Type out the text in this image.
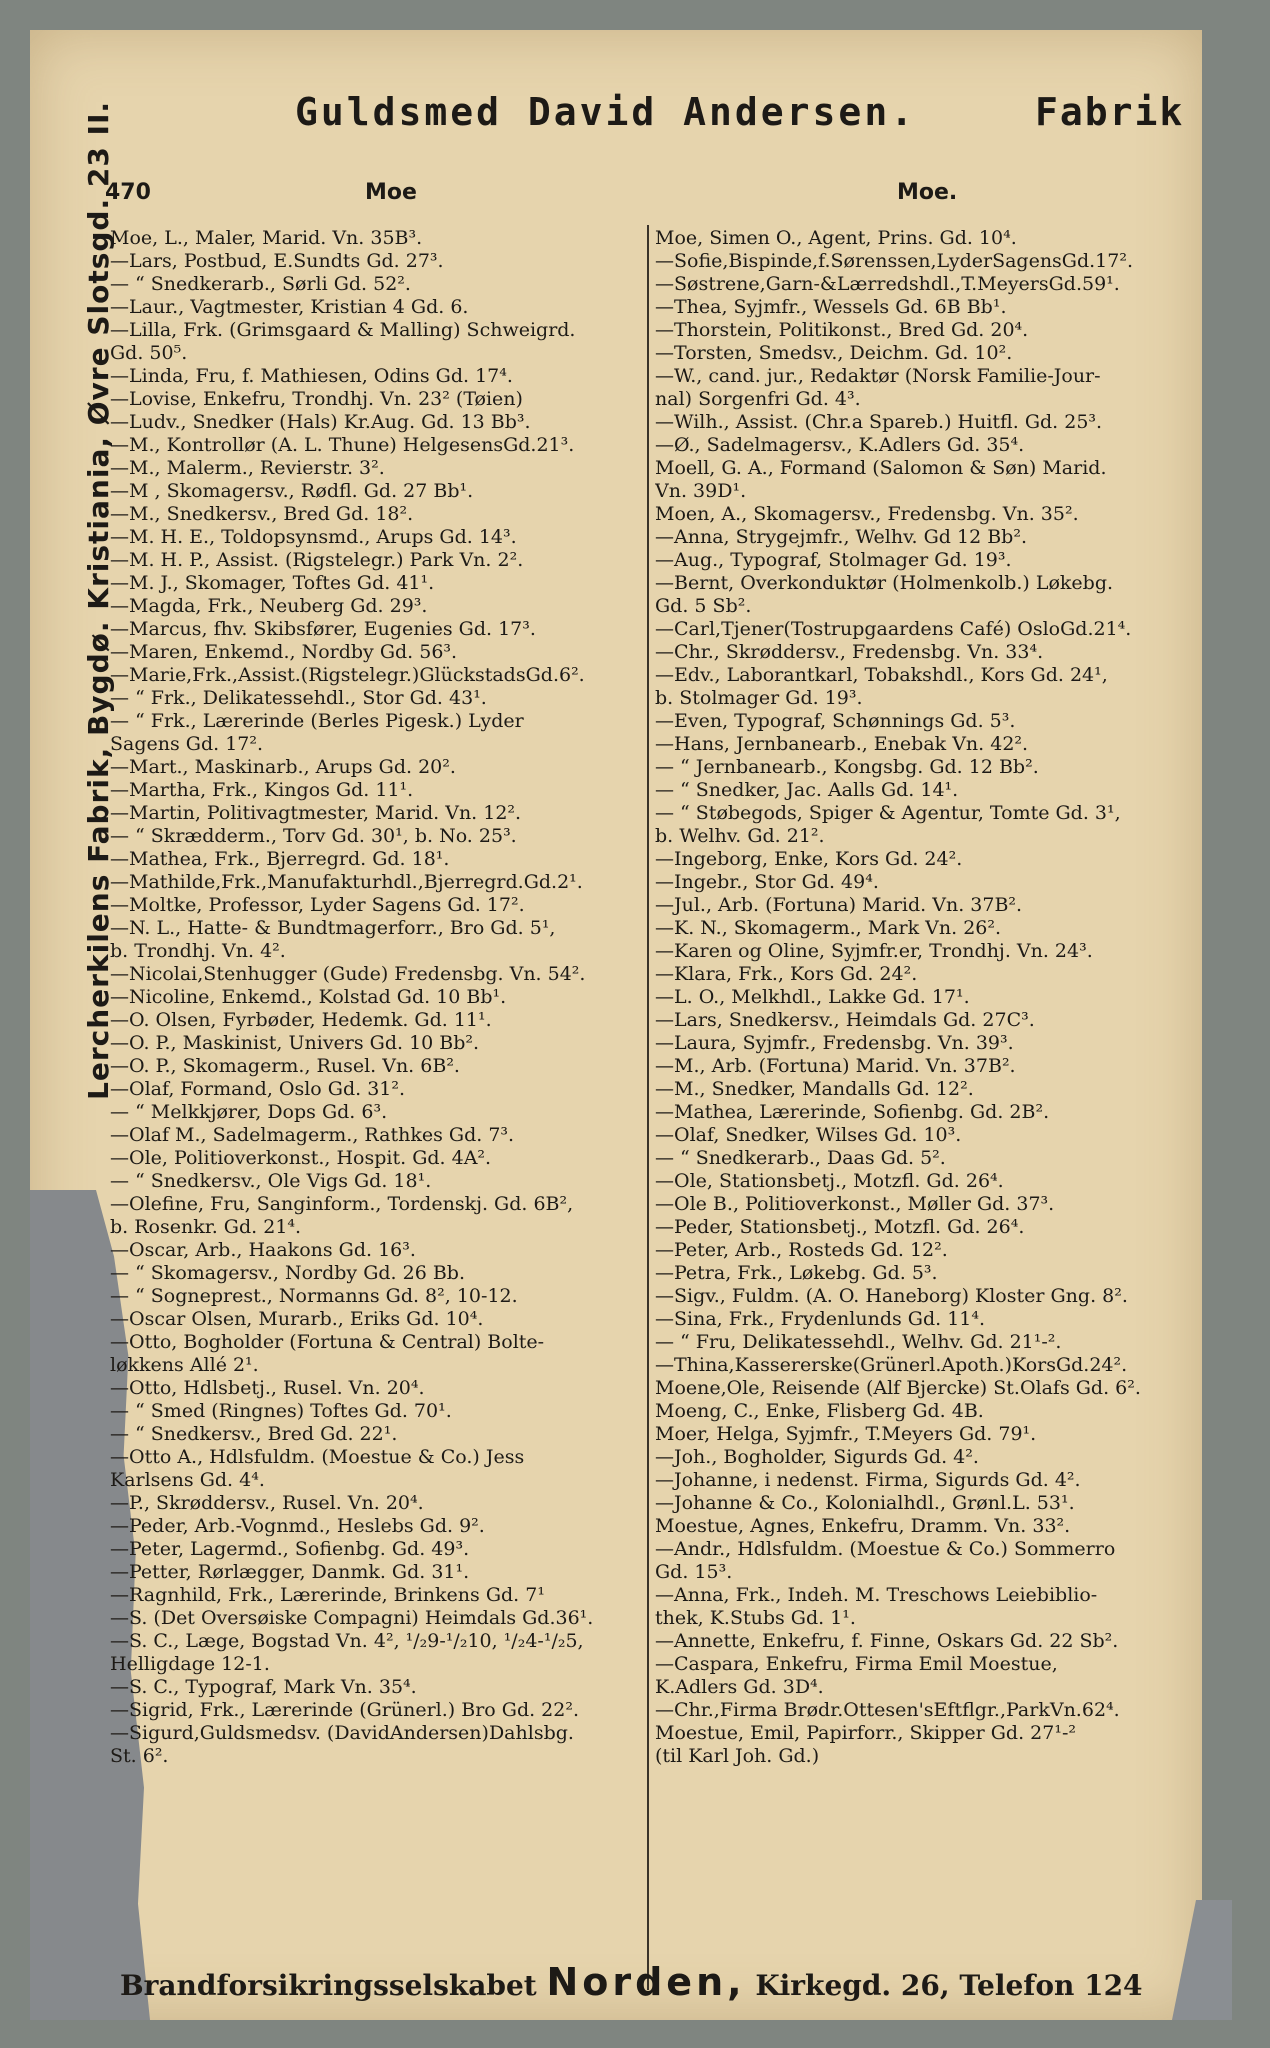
Guldsmed David Andersen.	Fabrik
470	Moe	Moe.
Lercherkilens Fabrik, Bygdø. Kristiania, Øvre Slotsgd. 23 II.
Moe, L., Maler, Marid. Vn. 35B³.
—Lars, Postbud, E.Sundts Gd. 27³.
— “ Snedkerarb., Sørli Gd. 52².
—Laur., Vagtmester, Kristian 4 Gd. 6.
—Lilla, Frk. (Grimsgaard & Malling) Schweigrd.
Gd. 50⁵.
—Linda, Fru, f. Mathiesen, Odins Gd. 17⁴.
—Lovise, Enkefru, Trondhj. Vn. 23² (Tøien)
—Ludv., Snedker (Hals) Kr.Aug. Gd. 13 Bb³.
—M., Kontrollør (A. L. Thune) HelgesensGd.21³.
—M., Malerm., Revierstr. 3².
—M , Skomagersv., Rødfl. Gd. 27 Bb¹.
—M., Snedkersv., Bred Gd. 18².
—M. H. E., Toldopsynsmd., Arups Gd. 14³.
—M. H. P., Assist. (Rigstelegr.) Park Vn. 2².
—M. J., Skomager, Toftes Gd. 41¹.
—Magda, Frk., Neuberg Gd. 29³.
—Marcus, fhv. Skibsfører, Eugenies Gd. 17³.
—Maren, Enkemd., Nordby Gd. 56³.
—Marie,Frk.,Assist.(Rigstelegr.)GlückstadsGd.6².
— “ Frk., Delikatessehdl., Stor Gd. 43¹.
— “ Frk., Lærerinde (Berles Pigesk.) Lyder
Sagens Gd. 17².
—Mart., Maskinarb., Arups Gd. 20².
—Martha, Frk., Kingos Gd. 11¹.
—Martin, Politivagtmester, Marid. Vn. 12².
— “ Skrædderm., Torv Gd. 30¹, b. No. 25³.
—Mathea, Frk., Bjerregrd. Gd. 18¹.
—Mathilde,Frk.,Manufakturhdl.,Bjerregrd.Gd.2¹.
—Moltke, Professor, Lyder Sagens Gd. 17².
—N. L., Hatte- & Bundtmagerforr., Bro Gd. 5¹,
b. Trondhj. Vn. 4².
—Nicolai,Stenhugger (Gude) Fredensbg. Vn. 54².
—Nicoline, Enkemd., Kolstad Gd. 10 Bb¹.
—O. Olsen, Fyrbøder, Hedemk. Gd. 11¹.
—O. P., Maskinist, Univers Gd. 10 Bb².
—O. P., Skomagerm., Rusel. Vn. 6B².
—Olaf, Formand, Oslo Gd. 31².
— “ Melkkjører, Dops Gd. 6³.
—Olaf M., Sadelmagerm., Rathkes Gd. 7³.
—Ole, Politioverkonst., Hospit. Gd. 4A².
— “ Snedkersv., Ole Vigs Gd. 18¹.
—Olefine, Fru, Sanginform., Tordenskj. Gd. 6B²,
b. Rosenkr. Gd. 21⁴.
—Oscar, Arb., Haakons Gd. 16³.
— “ Skomagersv., Nordby Gd. 26 Bb.
— “ Sogneprest., Normanns Gd. 8², 10-12.
—Oscar Olsen, Murarb., Eriks Gd. 10⁴.
—Otto, Bogholder (Fortuna & Central) Bolte-
løkkens Allé 2¹.
—Otto, Hdlsbetj., Rusel. Vn. 20⁴.
— “ Smed (Ringnes) Toftes Gd. 70¹.
— “ Snedkersv., Bred Gd. 22¹.
—Otto A., Hdlsfuldm. (Moestue & Co.) Jess
Karlsens Gd. 4⁴.
—P., Skrøddersv., Rusel. Vn. 20⁴.
—Peder, Arb.-Vognmd., Heslebs Gd. 9².
—Peter, Lagermd., Sofienbg. Gd. 49³.
—Petter, Rørlægger, Danmk. Gd. 31¹.
—Ragnhild, Frk., Lærerinde, Brinkens Gd. 7¹
—S. (Det Oversøiske Compagni) Heimdals Gd.36¹.
—S. C., Læge, Bogstad Vn. 4², ¹/₂9-¹/₂10, ¹/₂4-¹/₂5,
Helligdage 12-1.
—S. C., Typograf, Mark Vn. 35⁴.
—Sigrid, Frk., Lærerinde (Grünerl.) Bro Gd. 22².
—Sigurd,Guldsmedsv. (DavidAndersen)Dahlsbg.
St. 6².
Moe, Simen O., Agent, Prins. Gd. 10⁴.
—Sofie,Bispinde,f.Sørenssen,LyderSagensGd.17².
—Søstrene,Garn-&Lærredshdl.,T.MeyersGd.59¹.
—Thea, Syjmfr., Wessels Gd. 6B Bb¹.
—Thorstein, Politikonst., Bred Gd. 20⁴.
—Torsten, Smedsv., Deichm. Gd. 10².
—W., cand. jur., Redaktør (Norsk Familie-Jour-
nal) Sorgenfri Gd. 4³.
—Wilh., Assist. (Chr.a Spareb.) Huitfl. Gd. 25³.
—Ø., Sadelmagersv., K.Adlers Gd. 35⁴.
Moell, G. A., Formand (Salomon & Søn) Marid.
Vn. 39D¹.
Moen, A., Skomagersv., Fredensbg. Vn. 35².
—Anna, Strygejmfr., Welhv. Gd 12 Bb².
—Aug., Typograf, Stolmager Gd. 19³.
—Bernt, Overkonduktør (Holmenkolb.) Løkebg.
Gd. 5 Sb².
—Carl,Tjener(Tostrupgaardens Café) OsloGd.21⁴.
—Chr., Skrøddersv., Fredensbg. Vn. 33⁴.
—Edv., Laborantkarl, Tobakshdl., Kors Gd. 24¹,
b. Stolmager Gd. 19³.
—Even, Typograf, Schønnings Gd. 5³.
—Hans, Jernbanearb., Enebak Vn. 42².
— “ Jernbanearb., Kongsbg. Gd. 12 Bb².
— “ Snedker, Jac. Aalls Gd. 14¹.
— “ Støbegods, Spiger & Agentur, Tomte Gd. 3¹,
b. Welhv. Gd. 21².
—Ingeborg, Enke, Kors Gd. 24².
—Ingebr., Stor Gd. 49⁴.
—Jul., Arb. (Fortuna) Marid. Vn. 37B².
—K. N., Skomagerm., Mark Vn. 26².
—Karen og Oline, Syjmfr.er, Trondhj. Vn. 24³.
—Klara, Frk., Kors Gd. 24².
—L. O., Melkhdl., Lakke Gd. 17¹.
—Lars, Snedkersv., Heimdals Gd. 27C³.
—Laura, Syjmfr., Fredensbg. Vn. 39³.
—M., Arb. (Fortuna) Marid. Vn. 37B².
—M., Snedker, Mandalls Gd. 12².
—Mathea, Lærerinde, Sofienbg. Gd. 2B².
—Olaf, Snedker, Wilses Gd. 10³.
— “ Snedkerarb., Daas Gd. 5².
—Ole, Stationsbetj., Motzfl. Gd. 26⁴.
—Ole B., Politioverkonst., Møller Gd. 37³.
—Peder, Stationsbetj., Motzfl. Gd. 26⁴.
—Peter, Arb., Rosteds Gd. 12².
—Petra, Frk., Løkebg. Gd. 5³.
—Sigv., Fuldm. (A. O. Haneborg) Kloster Gng. 8².
—Sina, Frk., Frydenlunds Gd. 11⁴.
— “ Fru, Delikatessehdl., Welhv. Gd. 21¹-².
—Thina,Kassererske(Grünerl.Apoth.)KorsGd.24².
Moene,Ole, Reisende (Alf Bjercke) St.Olafs Gd. 6².
Moeng, C., Enke, Flisberg Gd. 4B.
Moer, Helga, Syjmfr., T.Meyers Gd. 79¹.
—Joh., Bogholder, Sigurds Gd. 4².
—Johanne, i nedenst. Firma, Sigurds Gd. 4².
—Johanne & Co., Kolonialhdl., Grønl.L. 53¹.
Moestue, Agnes, Enkefru, Dramm. Vn. 33².
—Andr., Hdlsfuldm. (Moestue & Co.) Sommerro
Gd. 15³.
—Anna, Frk., Indeh. M. Treschows Leiebiblio-
thek, K.Stubs Gd. 1¹.
—Annette, Enkefru, f. Finne, Oskars Gd. 22 Sb².
—Caspara, Enkefru, Firma Emil Moestue,
K.Adlers Gd. 3D⁴.
—Chr.,Firma Brødr.Ottesen'sEftflgr.,ParkVn.62⁴.
Moestue, Emil, Papirforr., Skipper Gd. 27¹-²
(til Karl Joh. Gd.)
Brandforsikringsselskabet Norden, Kirkegd. 26, Telefon 124
